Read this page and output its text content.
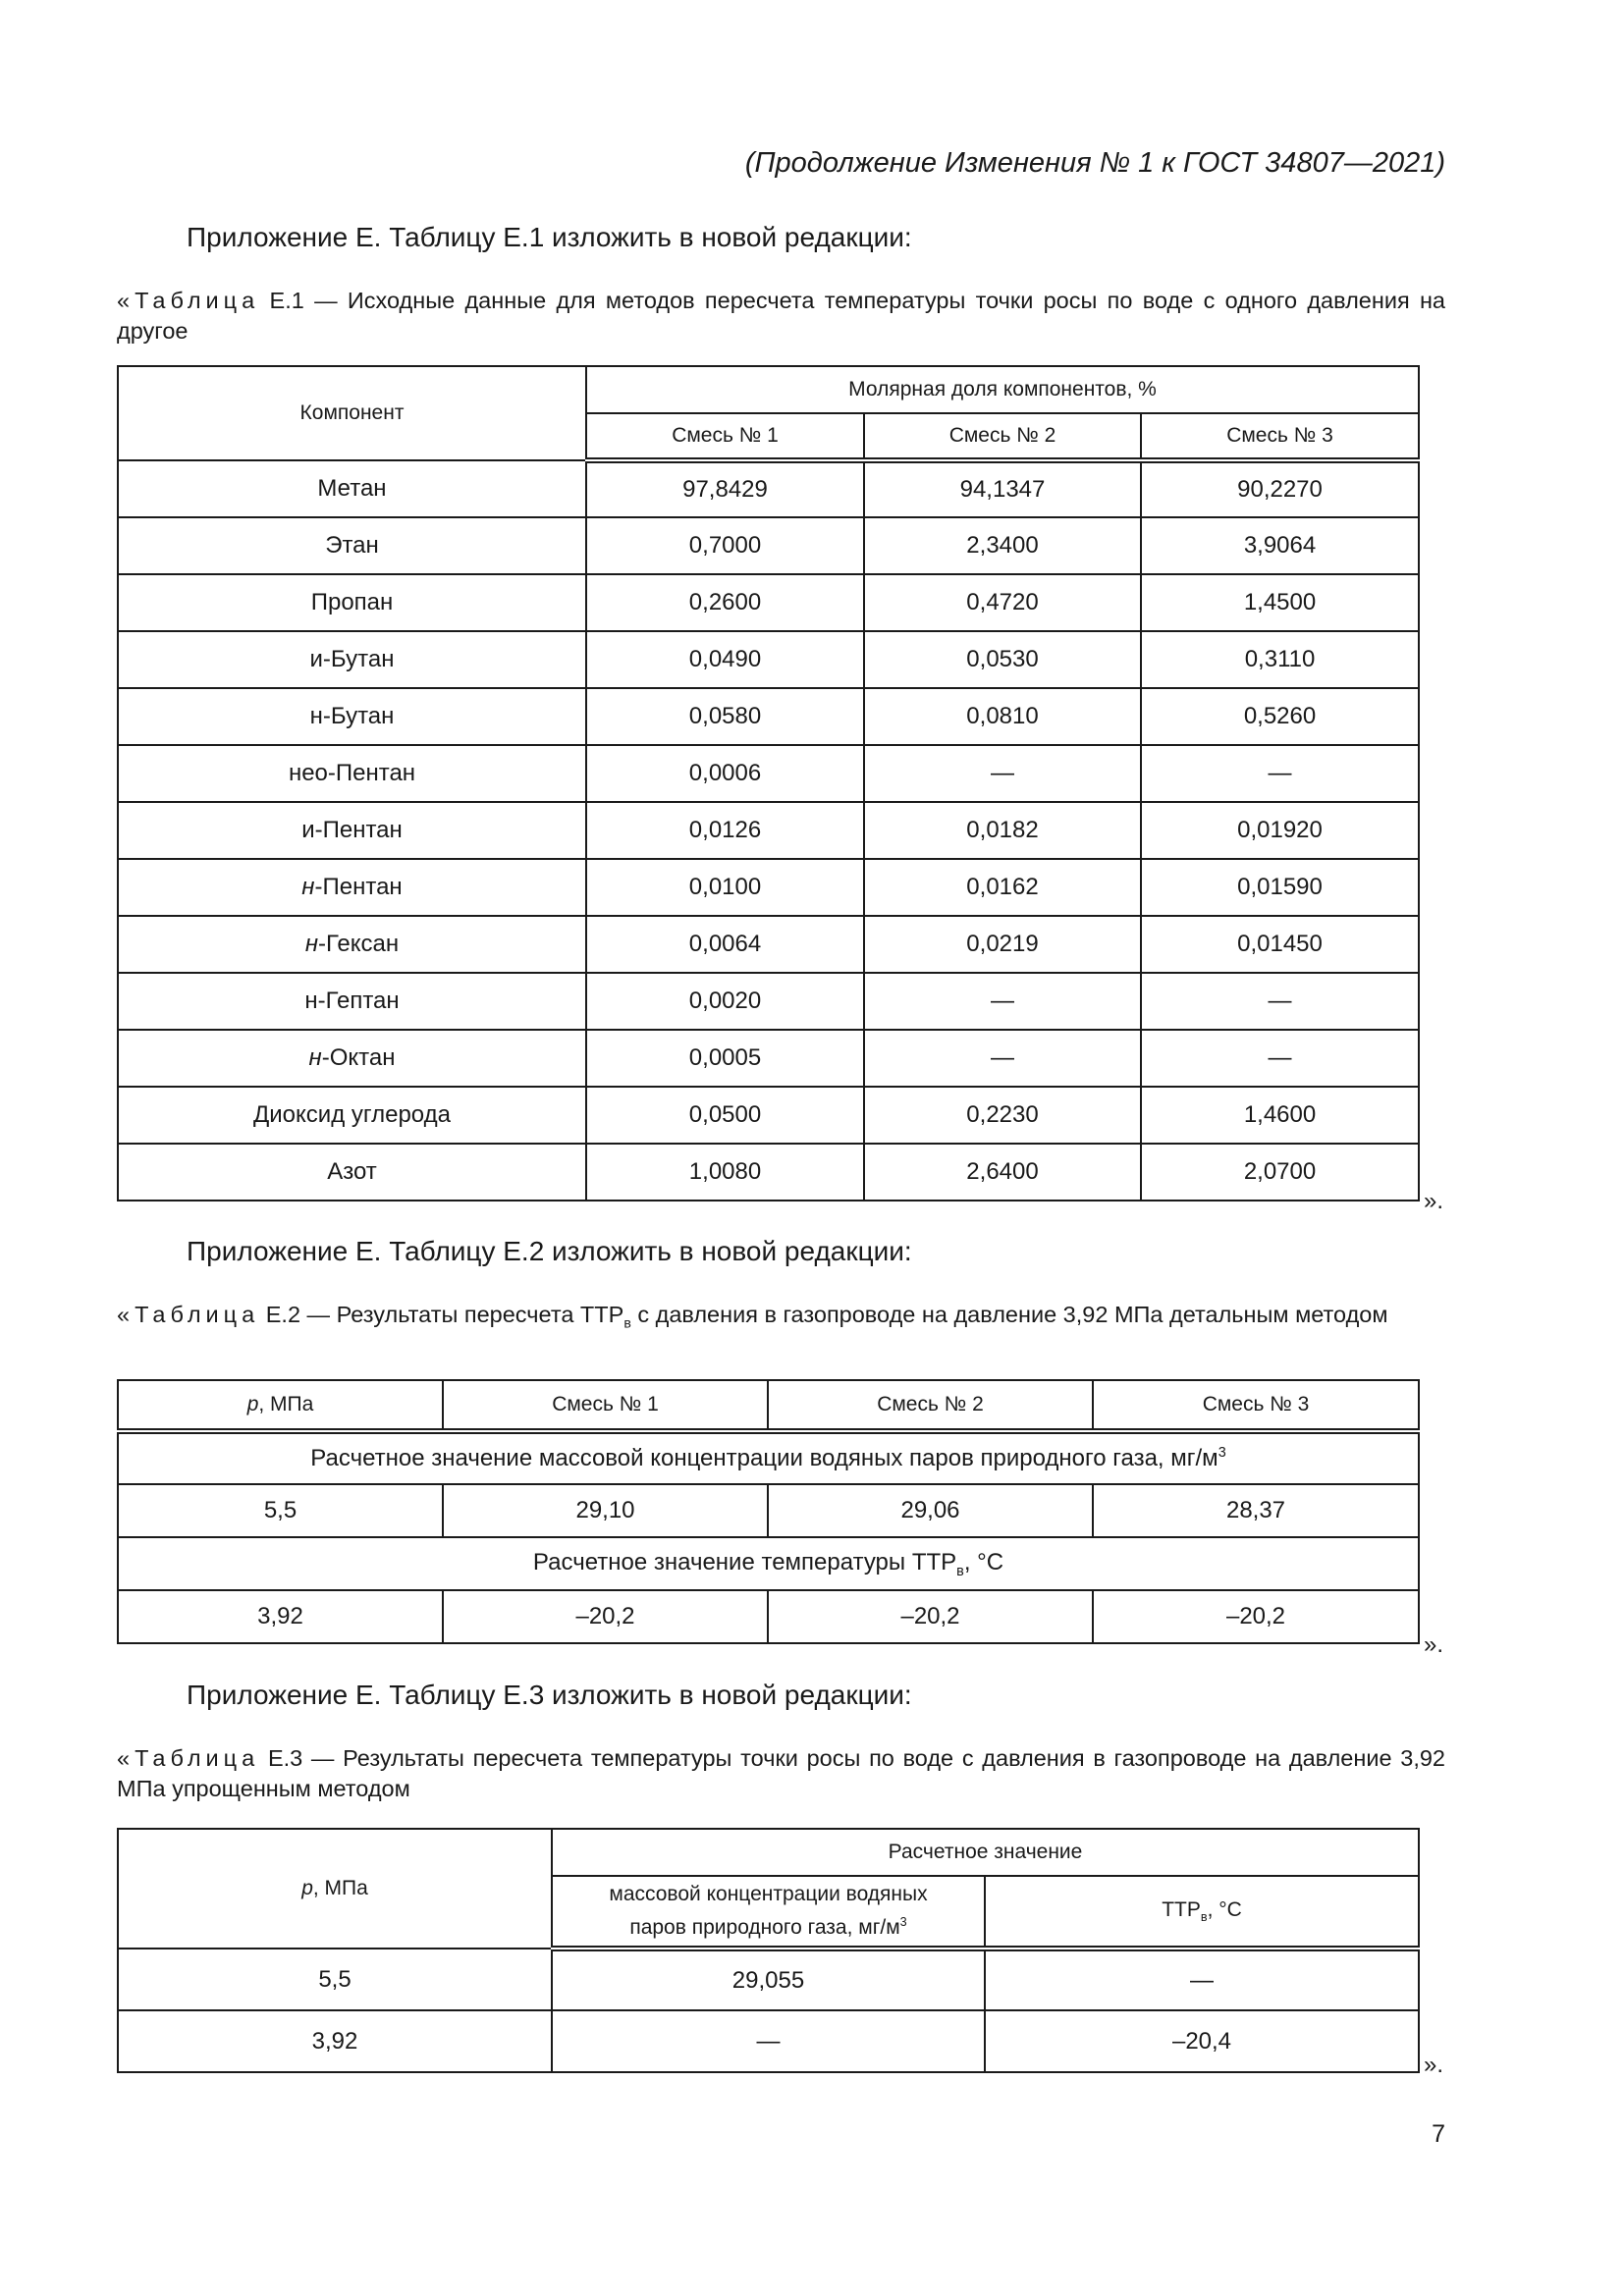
(Продолжение Изменения № 1 к ГОСТ 34807—2021)
Приложение Е. Таблицу Е.1 изложить в новой редакции:
«Таблица Е.1 — Исходные данные для методов пересчета температуры точки росы по воде с одного давления на другое
Компонент	Молярная доля компонентов, %		
	Смесь № 1	Смесь № 2	Смесь № 3
Метан	97,8429	94,1347	90,2270
Этан	0,7000	2,3400	3,9064
Пропан	0,2600	0,4720	1,4500
и-Бутан	0,0490	0,0530	0,3110
н-Бутан	0,0580	0,0810	0,5260
нео-Пентан	0,0006	—	—
и-Пентан	0,0126	0,0182	0,01920
н-Пентан	0,0100	0,0162	0,01590
н-Гексан	0,0064	0,0219	0,01450
н-Гептан	0,0020	—	—
н-Октан	0,0005	—	—
Диоксид углерода	0,0500	0,2230	1,4600
Азот	1,0080	2,6400	2,0700
».
Приложение Е. Таблицу Е.2 изложить в новой редакции:
«Таблица Е.2 — Результаты пересчета $ТТР_в$ с давления в газопроводе на давление 3,92 МПа детальным методом
р, МПа	Смесь № 1	Смесь № 2	Смесь № 3
Расчетное значение массовой концентрации водяных паров природного газа, $мг/м^3$
5,5	29,10	29,06	28,37
Расчетное значение температуры $ТТР_в$, °С			
3,92	–20,2	–20,2	–20,2
».
Приложение Е. Таблицу Е.3 изложить в новой редакции:
«Таблица Е.3 — Результаты пересчета температуры точки росы по воде с давления в газопроводе на давление 3,92 МПа упрощенным методом
р, МПа	Расчетное значение	
	массовой концентрации водяных паров природного газа, $мг/м^3$	$ТТР_в$, °С
5,5	29,055	—
3,92	—	–20,4
».
7
